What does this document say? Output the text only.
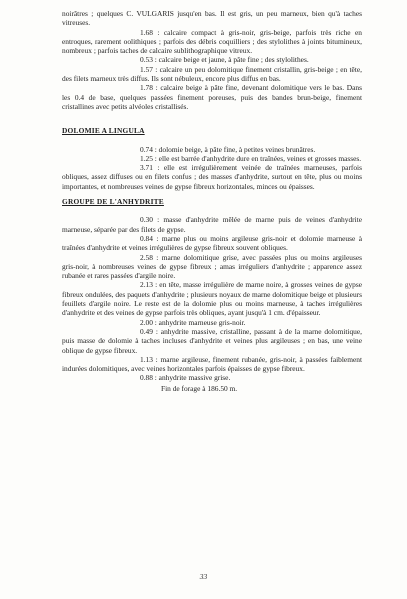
noirâtres ; quelques C. VULGARIS jusqu'en bas. Il est gris, un peu marneux, bien qu'à taches vitreuses.

1.68 : calcaire compact à gris-noir, gris-beige, parfois très riche en entroques, rarement oolithiques ; parfois des débris coquilliers ; des stylolithes à joints bitumineux, nombreux ; parfois taches de calcaire sublithographique vitreux.

0.53 : calcaire beige et jaune, à pâte fine ; des stylolithes.

1.57 : calcaire un peu dolomitique finement cristallin, gris-beige ; en tête, des filets marneux très diffus. Ils sont nébuleux, encore plus diffus en bas.

1.78 : calcaire beige à pâte fine, devenant dolomitique vers le bas. Dans les 0.4 de base, quelques passées finement poreuses, puis des bandes brun-beige, finement cristallines avec petits alvéoles cristallisés.

DOLOMIE A LINGULA

0.74 : dolomie beige, à pâte fine, à petites veines brunâtres.

1.25 : elle est barrée d'anhydrite dure en traînées, veines et grosses masses.

3.71 : elle est irrégulièrement veinée de traînées marneuses, parfois obliques, assez diffuses ou en filets confus ; des masses d'anhydrite, surtout en tête, plus ou moins importantes, et nombreuses veines de gypse fibreux horizontales, minces ou épaisses.

GROUPE DE L'ANHYDRITE

0.30 : masse d'anhydrite mêlée de marne puis de veines d'anhydrite marneuse, séparée par des filets de gypse.

0.84 : marne plus ou moins argileuse gris-noir et dolomie marneuse à traînées d'anhydrite et veines irrégulières de gypse fibreux souvent obliques.

2.58 : marne dolomitique grise, avec passées plus ou moins argileuses gris-noir, à nombreuses veines de gypse fibreux ; amas irréguliers d'anhydrite ; apparence assez rubanée et rares passées d'argile noire.

2.13 : en tête, masse irrégulière de marne noire, à grosses veines de gypse fibreux ondulées, des paquets d'anhydrite ; plusieurs noyaux de marne dolomitique beige et plusieurs feuillets d'argile noire. Le reste est de la dolomie plus ou moins marneuse, à taches irrégulières d'anhydrite et des veines de gypse parfois très obliques, ayant jusqu'à 1 cm. d'épaisseur.

2.00 : anhydrite marneuse gris-noir.

0.49 : anhydrite massive, cristalline, passant à de la marne dolomitique, puis masse de dolomie à taches incluses d'anhydrite et veines plus argileuses ; en bas, une veine oblique de gypse fibreux.

1.13 : marne argileuse, finement rubanée, gris-noir, à passées faiblement indurées dolomitiques, avec veines horizontales parfois épaisses de gypse fibreux.

0.88 : anhydrite massive grise.

Fin de forage à 186.50 m.

33
